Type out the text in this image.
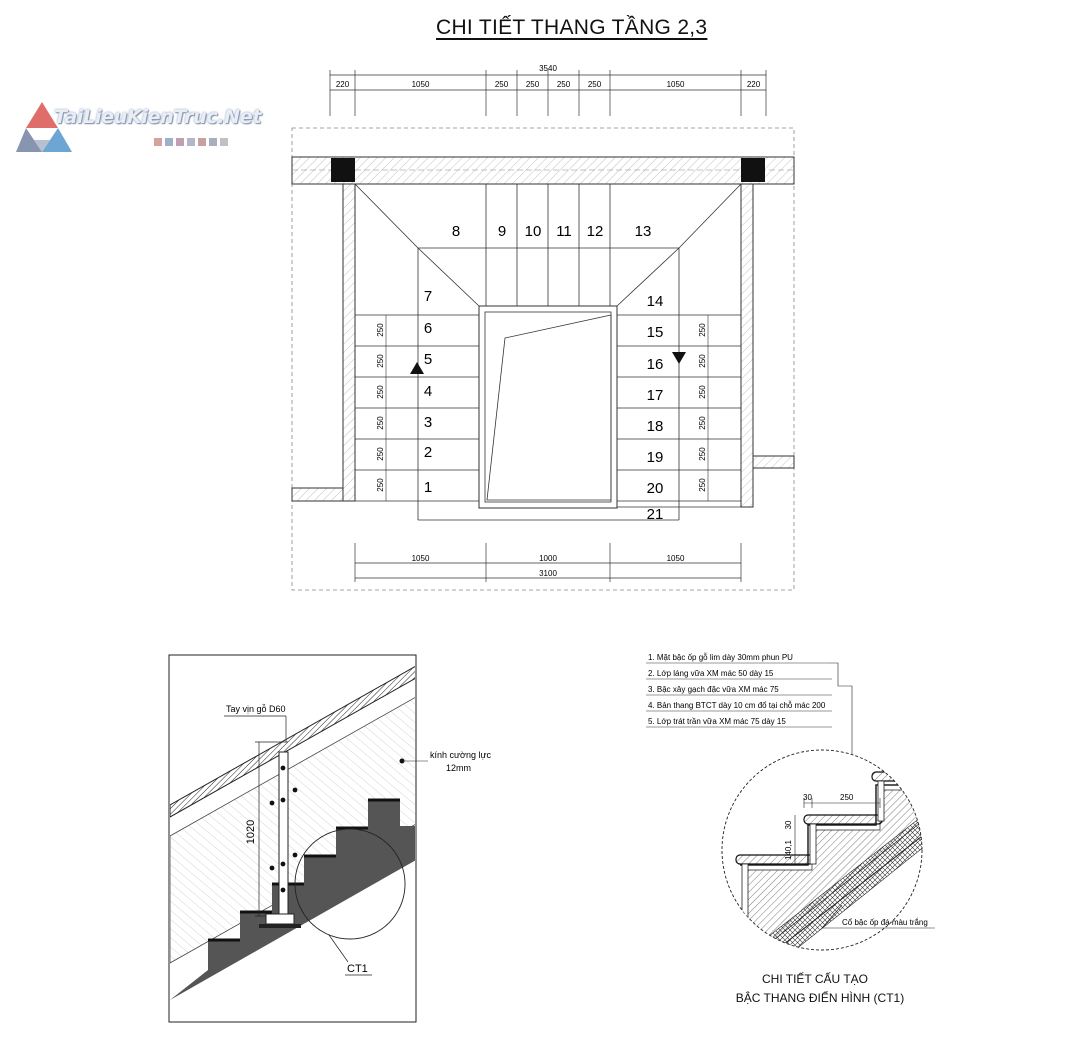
CHI TIẾT THANG TẦNG 2,3
TaiLieuKienTruc.Net
8	9 10 11 12 13
7
6
5
4
3
2
1
14
15
16
17
18
19
20
21
250	250
250	250
250	250
250	250
250	250
250	250
3540
220	1050	250 250 250 250	1050	220
1050	1000	1050
3100
1020
Tay vịn gỗ D60
kính cường lực
12mm
CT1
1. Mặt bậc ốp gỗ lim dày 30mm phun PU
2. Lớp láng vữa XM mác 50 dày 15
3. Bậc xây gạch đặc vữa XM mác 75
4. Bản thang BTCT dày 10 cm đổ tại chỗ mác 200
5. Lớp trát trần vữa XM mác 75 dày 15
30	250
30
140,1
Cổ bậc ốp đá màu trắng
CHI TIẾT CẤU TẠO
BẬC THANG ĐIỂN HÌNH (CT1)
